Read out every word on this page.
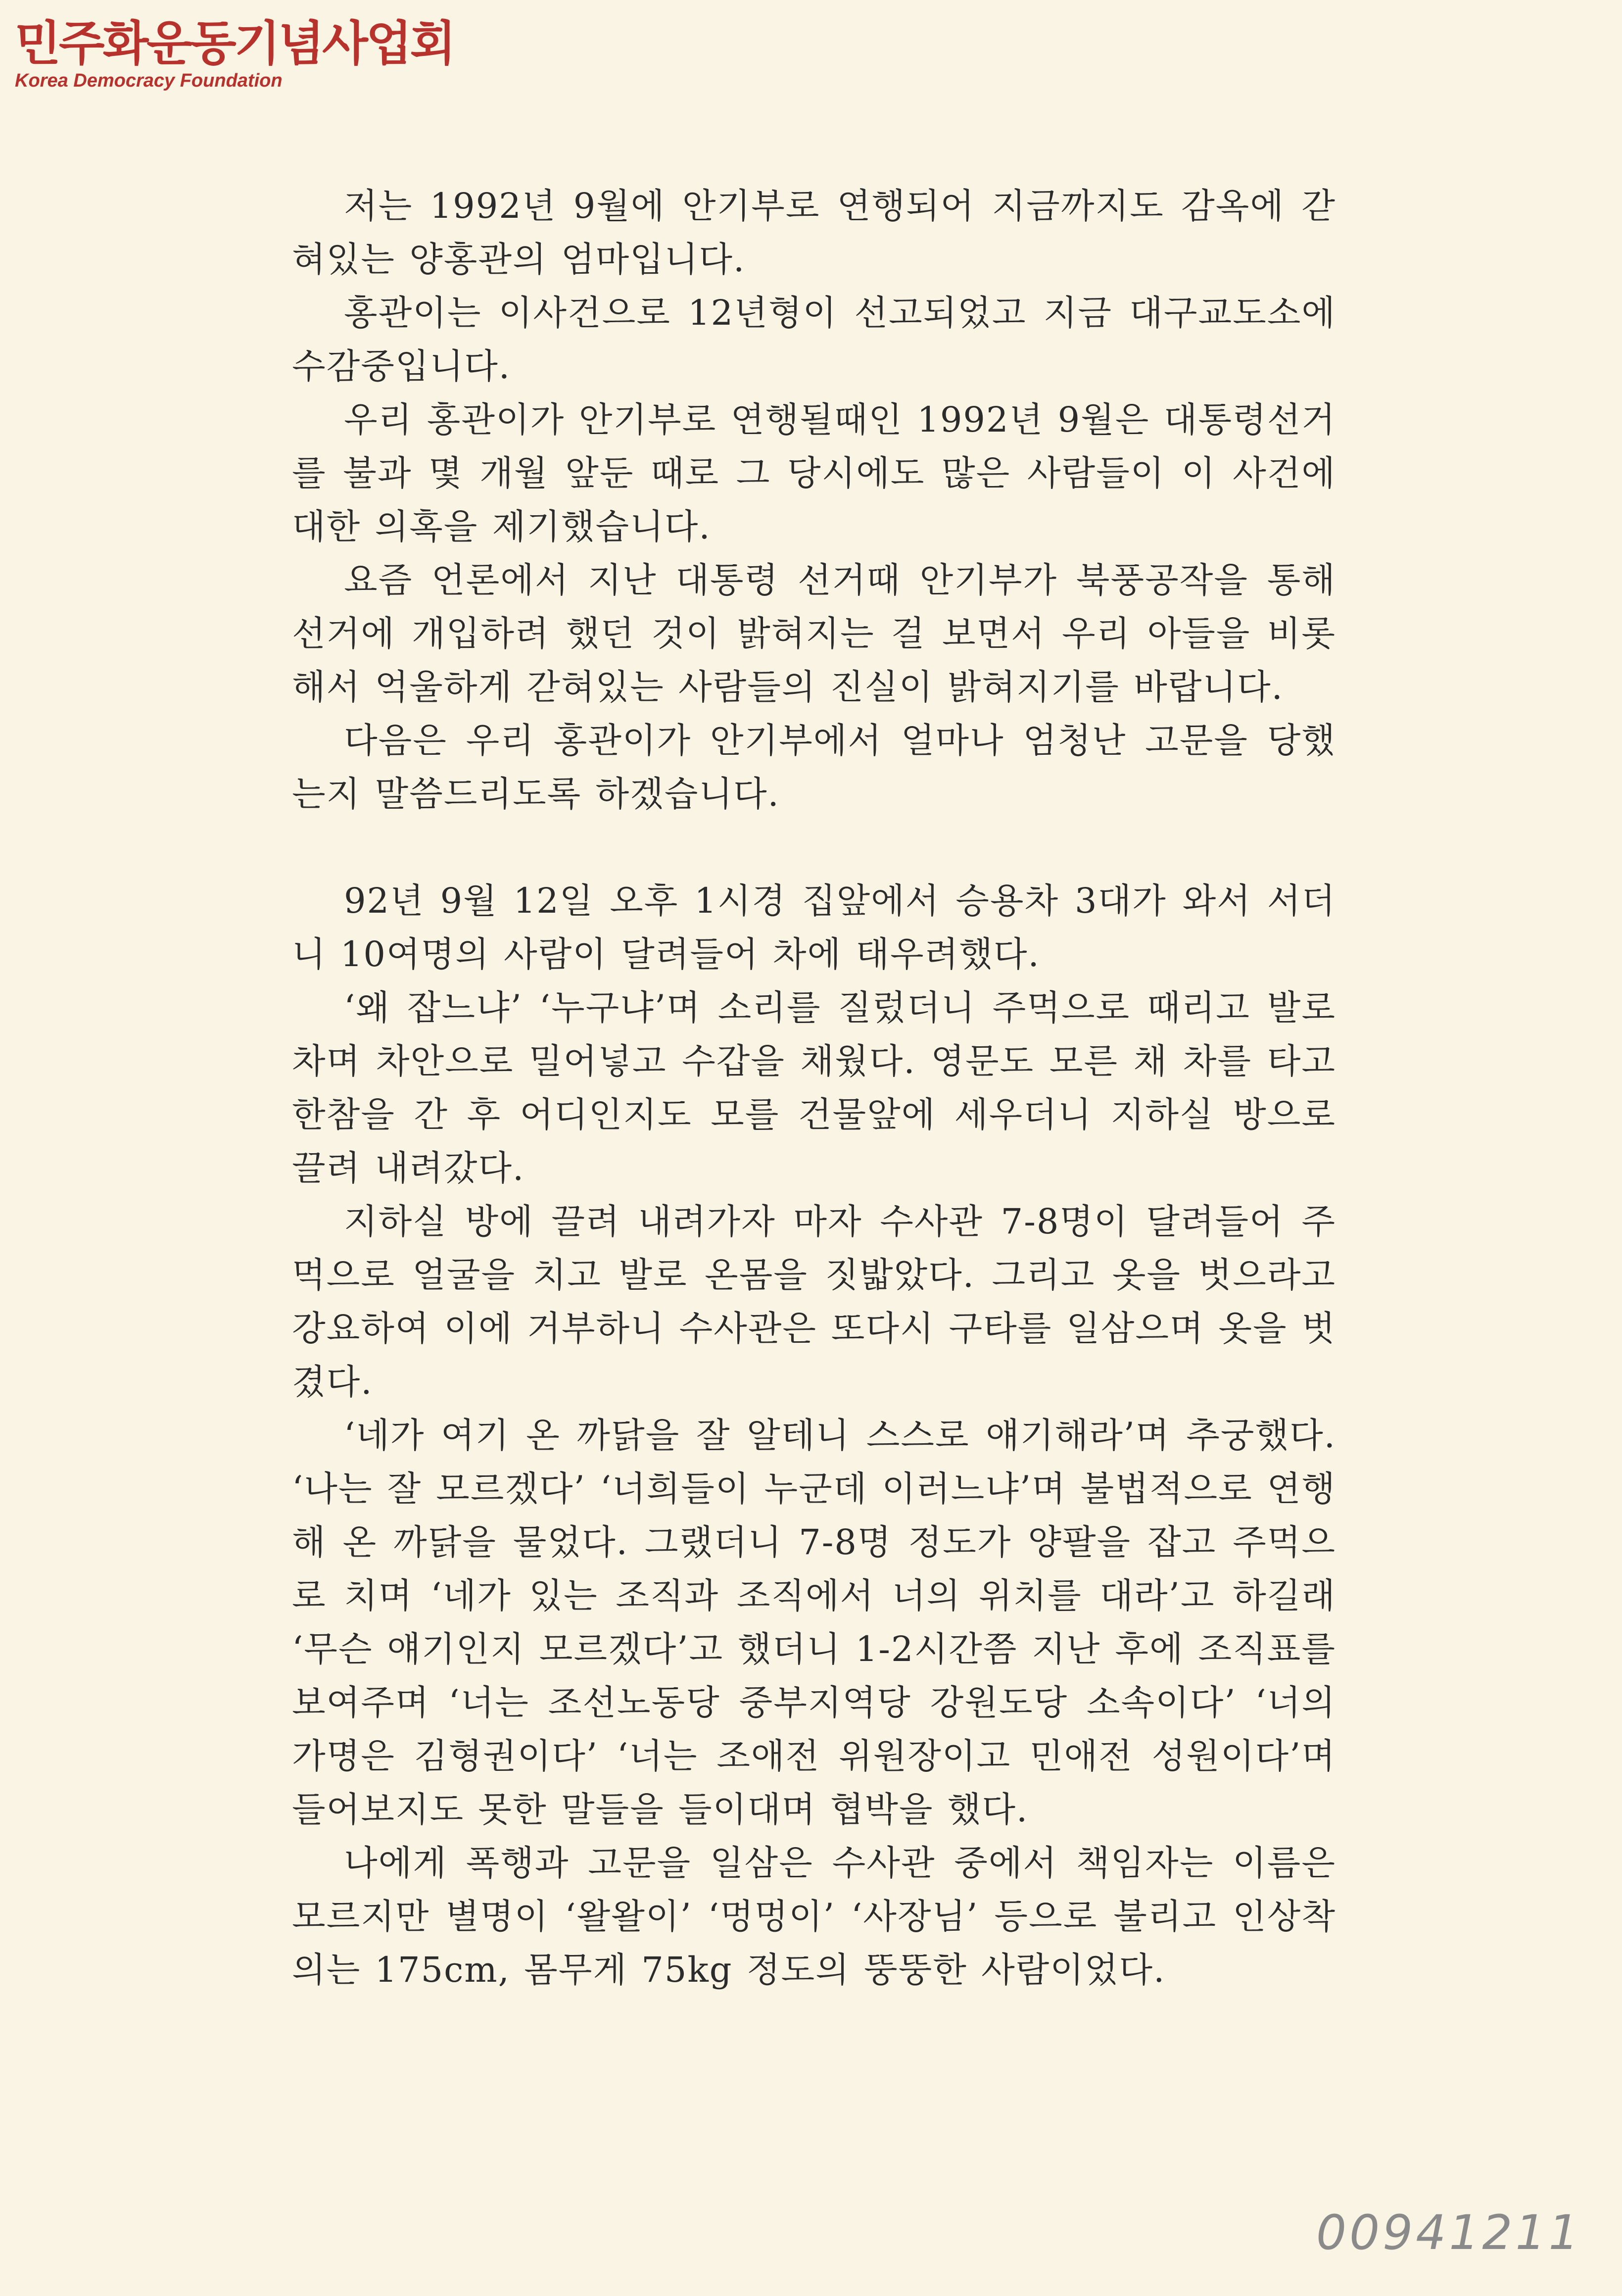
민주화운동기념사업회
Korea Democracy Foundation

저는 1992년 9월에 안기부로 연행되어 지금까지도 감옥에 갇혀있는 양홍관의 엄마입니다.

홍관이는 이사건으로 12년형이 선고되었고 지금 대구교도소에 수감중입니다.

우리 홍관이가 안기부로 연행될때인 1992년 9월은 대통령선거를 불과 몇 개월 앞둔 때로 그 당시에도 많은 사람들이 이 사건에 대한 의혹을 제기했습니다.

요즘 언론에서 지난 대통령 선거때 안기부가 북풍공작을 통해 선거에 개입하려 했던 것이 밝혀지는 걸 보면서 우리 아들을 비롯해서 억울하게 갇혀있는 사람들의 진실이 밝혀지기를 바랍니다.

다음은 우리 홍관이가 안기부에서 얼마나 엄청난 고문을 당했는지 말씀드리도록 하겠습니다.

92년 9월 12일 오후 1시경 집앞에서 승용차 3대가 와서 서더니 10여명의 사람이 달려들어 차에 태우려했다.

‘왜 잡느냐’ ‘누구냐’며 소리를 질렀더니 주먹으로 때리고 발로 차며 차안으로 밀어넣고 수갑을 채웠다. 영문도 모른 채 차를 타고 한참을 간 후 어디인지도 모를 건물앞에 세우더니 지하실 방으로 끌려 내려갔다.

지하실 방에 끌려 내려가자 마자 수사관 7-8명이 달려들어 주먹으로 얼굴을 치고 발로 온몸을 짓밟았다. 그리고 옷을 벗으라고 강요하여 이에 거부하니 수사관은 또다시 구타를 일삼으며 옷을 벗겼다.

‘네가 여기 온 까닭을 잘 알테니 스스로 얘기해라’며 추궁했다. ‘나는 잘 모르겠다’ ‘너희들이 누군데 이러느냐’며 불법적으로 연행해 온 까닭을 물었다. 그랬더니 7-8명 정도가 양팔을 잡고 주먹으로 치며 ‘네가 있는 조직과 조직에서 너의 위치를 대라’고 하길래 ‘무슨 얘기인지 모르겠다’고 했더니 1-2시간쯤 지난 후에 조직표를 보여주며 ‘너는 조선노동당 중부지역당 강원도당 소속이다’ ‘너의 가명은 김형권이다’ ‘너는 조애전 위원장이고 민애전 성원이다’며 들어보지도 못한 말들을 들이대며 협박을 했다.

나에게 폭행과 고문을 일삼은 수사관 중에서 책임자는 이름은 모르지만 별명이 ‘왈왈이’ ‘멍멍이’ ‘사장님’ 등으로 불리고 인상착의는 175cm, 몸무게 75kg 정도의 뚱뚱한 사람이었다.

00941211
